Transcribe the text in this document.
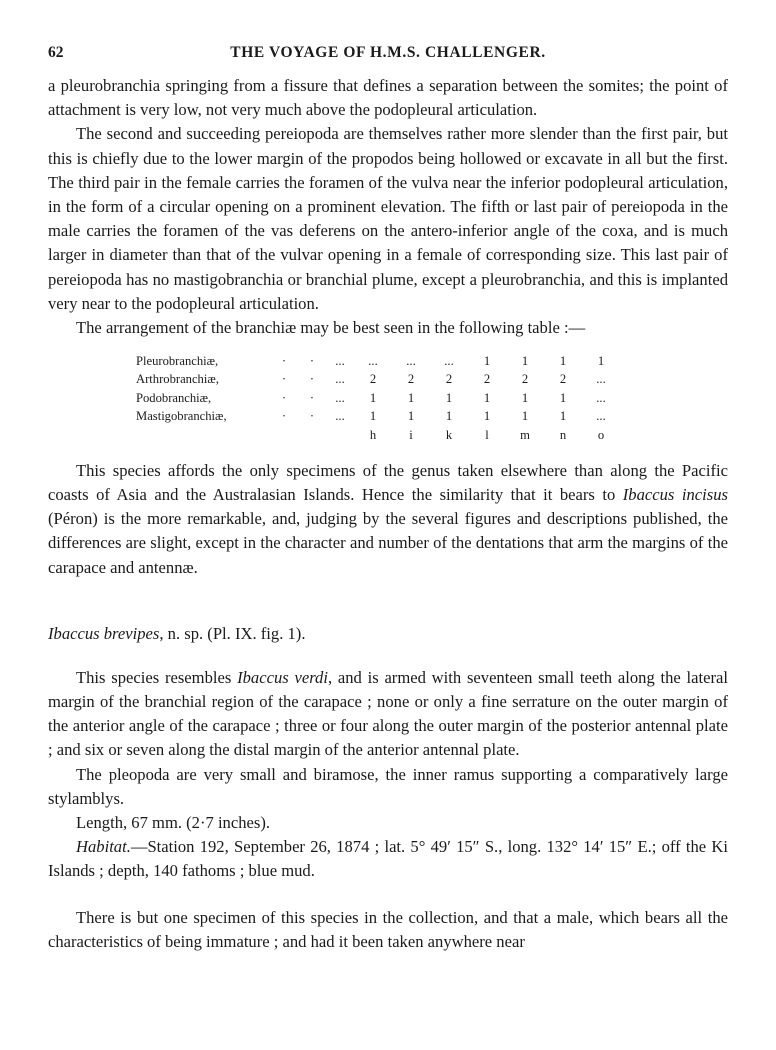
62	THE VOYAGE OF H.M.S. CHALLENGER.

a pleurobranchia springing from a fissure that defines a separation between the somites; the point of attachment is very low, not very much above the podopleural articulation.

The second and succeeding pereiopoda are themselves rather more slender than the first pair, but this is chiefly due to the lower margin of the propodos being hollowed or excavate in all but the first. The third pair in the female carries the foramen of the vulva near the inferior podopleural articulation, in the form of a circular opening on a prominent elevation. The fifth or last pair of pereiopoda in the male carries the foramen of the vas deferens on the antero-inferior angle of the coxa, and is much larger in diameter than that of the vulvar opening in a female of corresponding size. This last pair of pereiopoda has no mastigobranchia or branchial plume, except a pleurobranchia, and this is implanted very near to the podopleural articulation.

The arrangement of the branchiæ may be best seen in the following table :—

Pleurobranchiæ,	·	·	...	...	...	...	1	1	1	1
Arthrobranchiæ,	·	·	...	2	2	2	2	2	2	...
Podobranchiæ,	·	·	...	1	1	1	1	1	1	...
Mastigobranchiæ,	·	·	...	1	1	1	1	1	1	...
				h	i	k	l	m	n	o

This species affords the only specimens of the genus taken elsewhere than along the Pacific coasts of Asia and the Australasian Islands. Hence the similarity that it bears to Ibaccus incisus (Péron) is the more remarkable, and, judging by the several figures and descriptions published, the differences are slight, except in the character and number of the dentations that arm the margins of the carapace and antennæ.

Ibaccus brevipes, n. sp. (Pl. IX. fig. 1).

This species resembles Ibaccus verdi, and is armed with seventeen small teeth along the lateral margin of the branchial region of the carapace ; none or only a fine serrature on the outer margin of the anterior angle of the carapace ; three or four along the outer margin of the posterior antennal plate ; and six or seven along the distal margin of the anterior antennal plate.

The pleopoda are very small and biramose, the inner ramus supporting a comparatively large stylamblys.

Length, 67 mm. (2·7 inches).

Habitat.—Station 192, September 26, 1874 ; lat. 5° 49′ 15″ S., long. 132° 14′ 15″ E.; off the Ki Islands ; depth, 140 fathoms ; blue mud.

There is but one specimen of this species in the collection, and that a male, which bears all the characteristics of being immature ; and had it been taken anywhere near
